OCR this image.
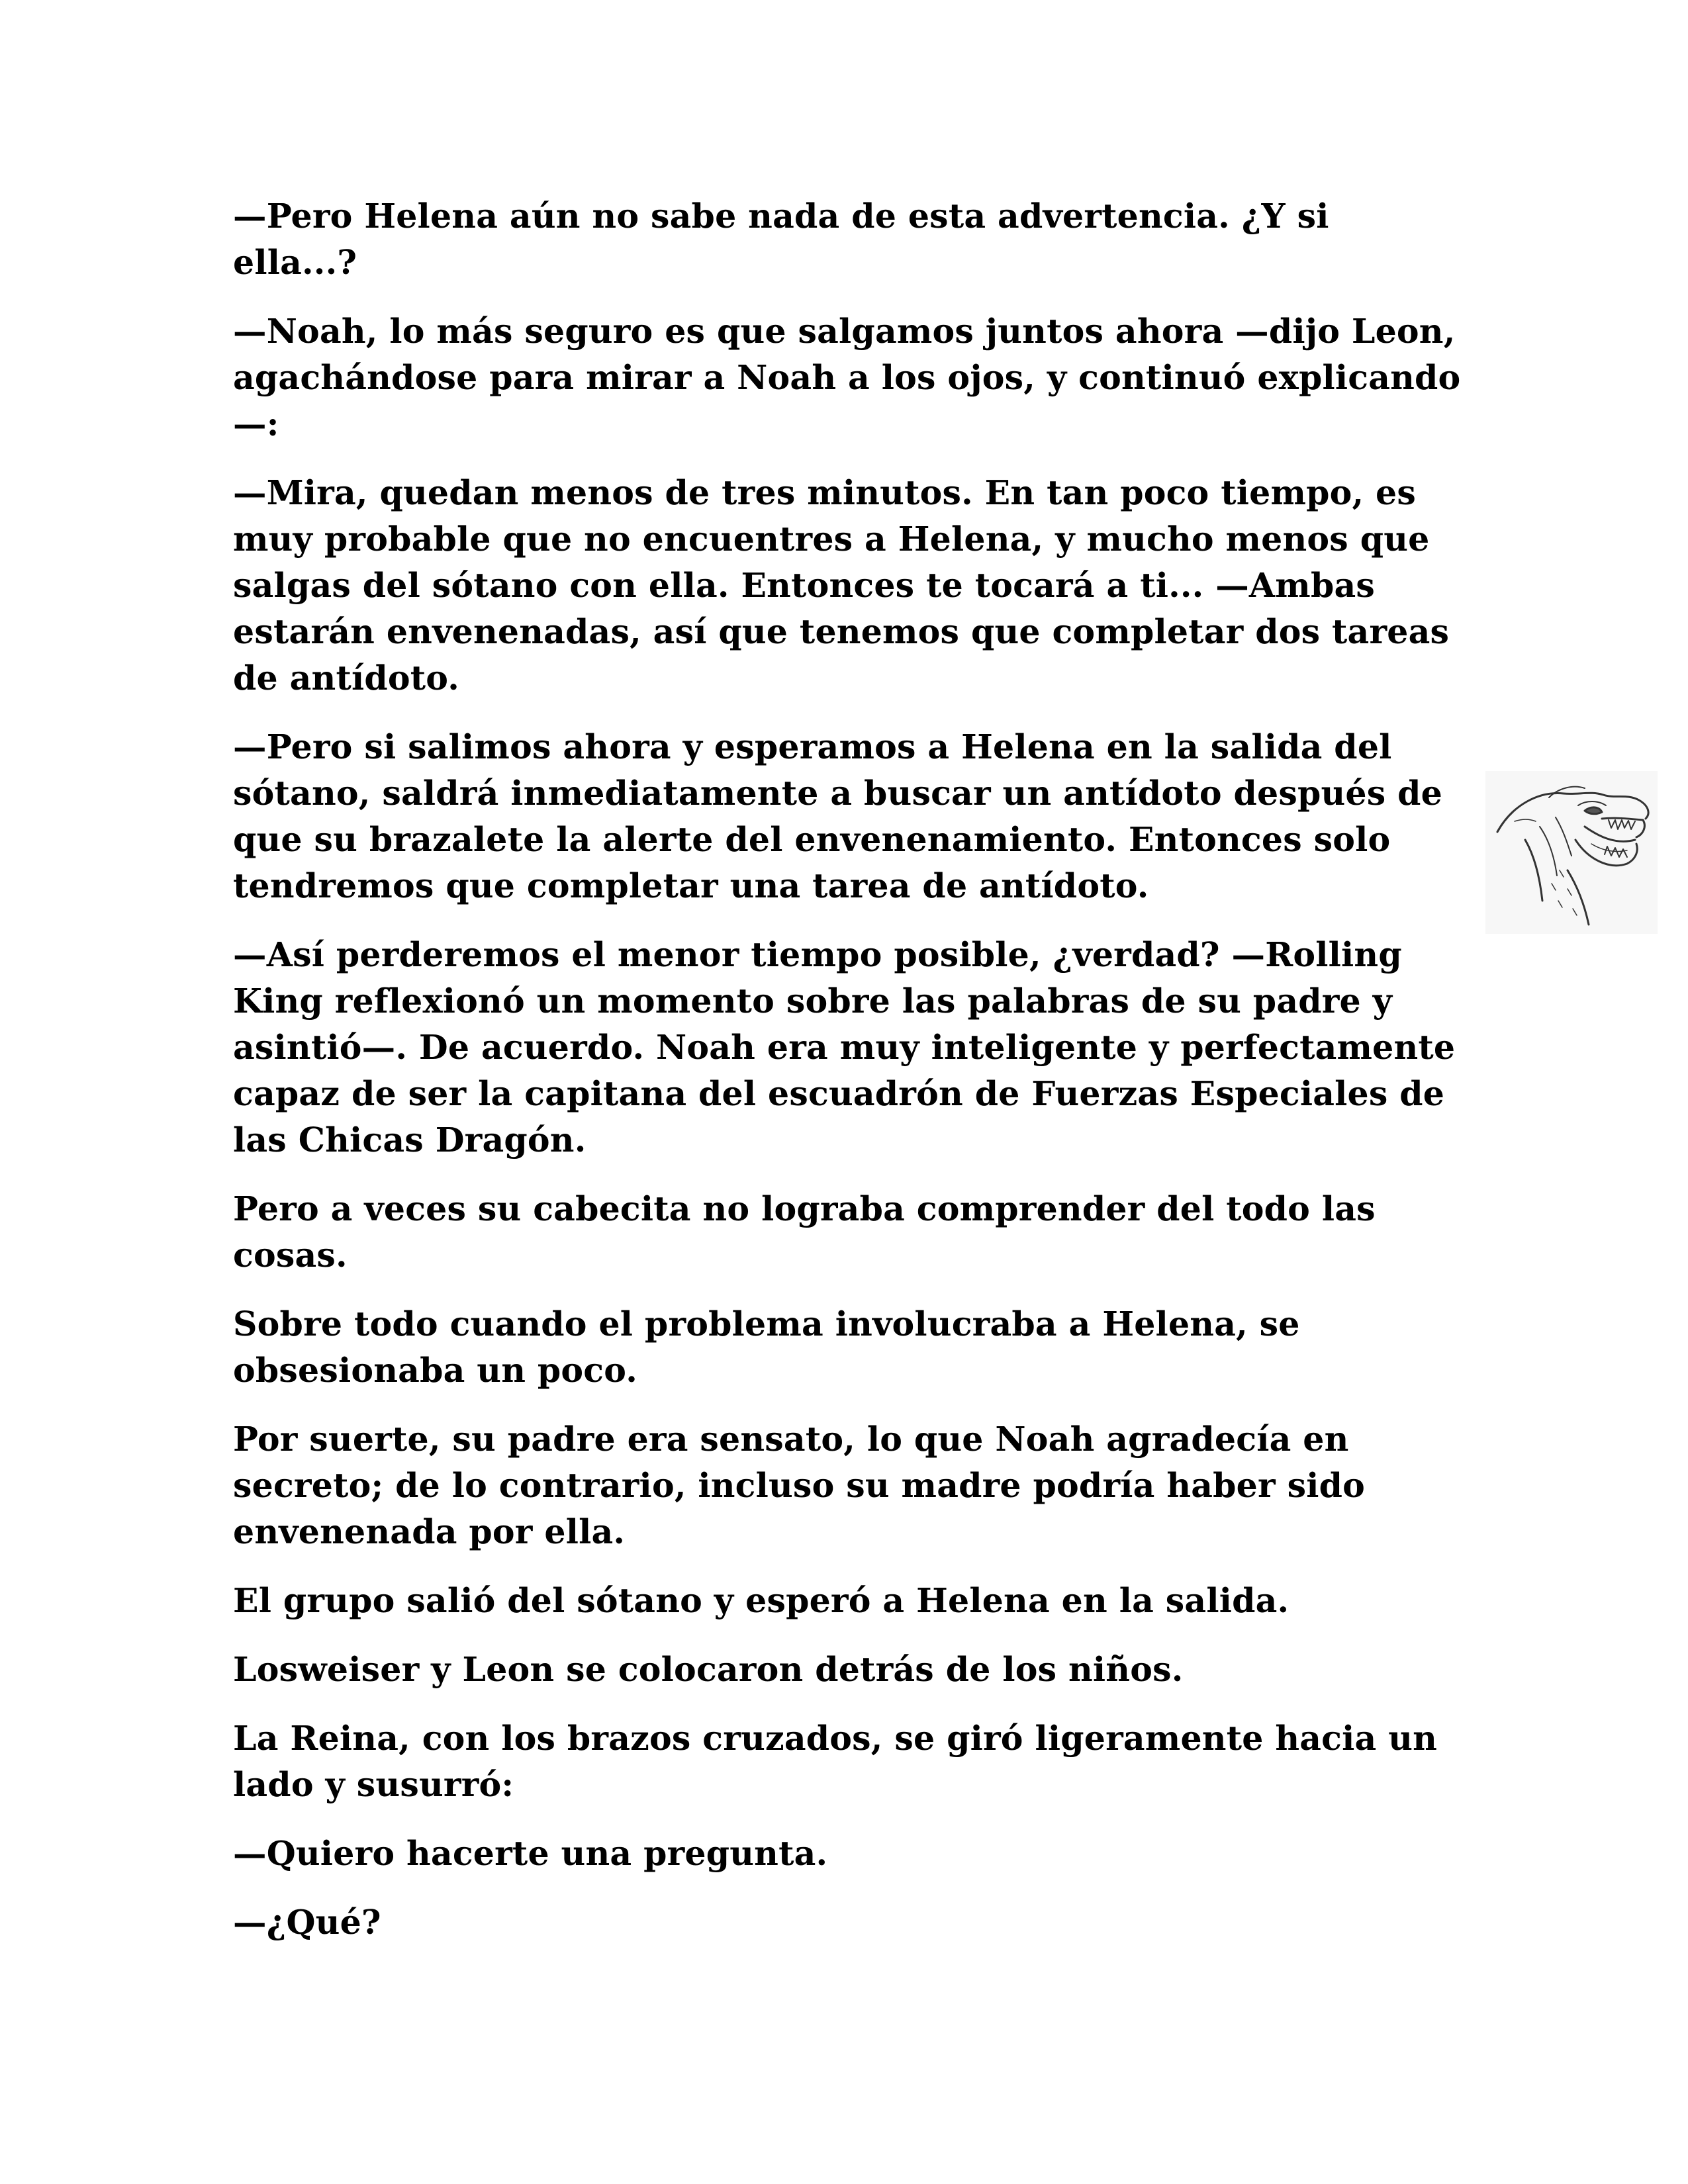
—Pero Helena aún no sabe nada de esta advertencia. ¿Y si ella...?

—Noah, lo más seguro es que salgamos juntos ahora —dijo Leon, agachándose para mirar a Noah a los ojos, y continuó explicando—:

—Mira, quedan menos de tres minutos. En tan poco tiempo, es muy probable que no encuentres a Helena, y mucho menos que salgas del sótano con ella. Entonces te tocará a ti... —Ambas estarán envenenadas, así que tenemos que completar dos tareas de antídoto.

—Pero si salimos ahora y esperamos a Helena en la salida del sótano, saldrá inmediatamente a buscar un antídoto después de que su brazalete la alerte del envenenamiento. Entonces solo tendremos que completar una tarea de antídoto.

—Así perderemos el menor tiempo posible, ¿verdad? —Rolling King reflexionó un momento sobre las palabras de su padre y asintió—. De acuerdo. Noah era muy inteligente y perfectamente capaz de ser la capitana del escuadrón de Fuerzas Especiales de las Chicas Dragón.

Pero a veces su cabecita no lograba comprender del todo las cosas.

Sobre todo cuando el problema involucraba a Helena, se obsesionaba un poco.

Por suerte, su padre era sensato, lo que Noah agradecía en secreto; de lo contrario, incluso su madre podría haber sido envenenada por ella.

El grupo salió del sótano y esperó a Helena en la salida.

Losweiser y Leon se colocaron detrás de los niños.

La Reina, con los brazos cruzados, se giró ligeramente hacia un lado y susurró:

—Quiero hacerte una pregunta.

—¿Qué?
